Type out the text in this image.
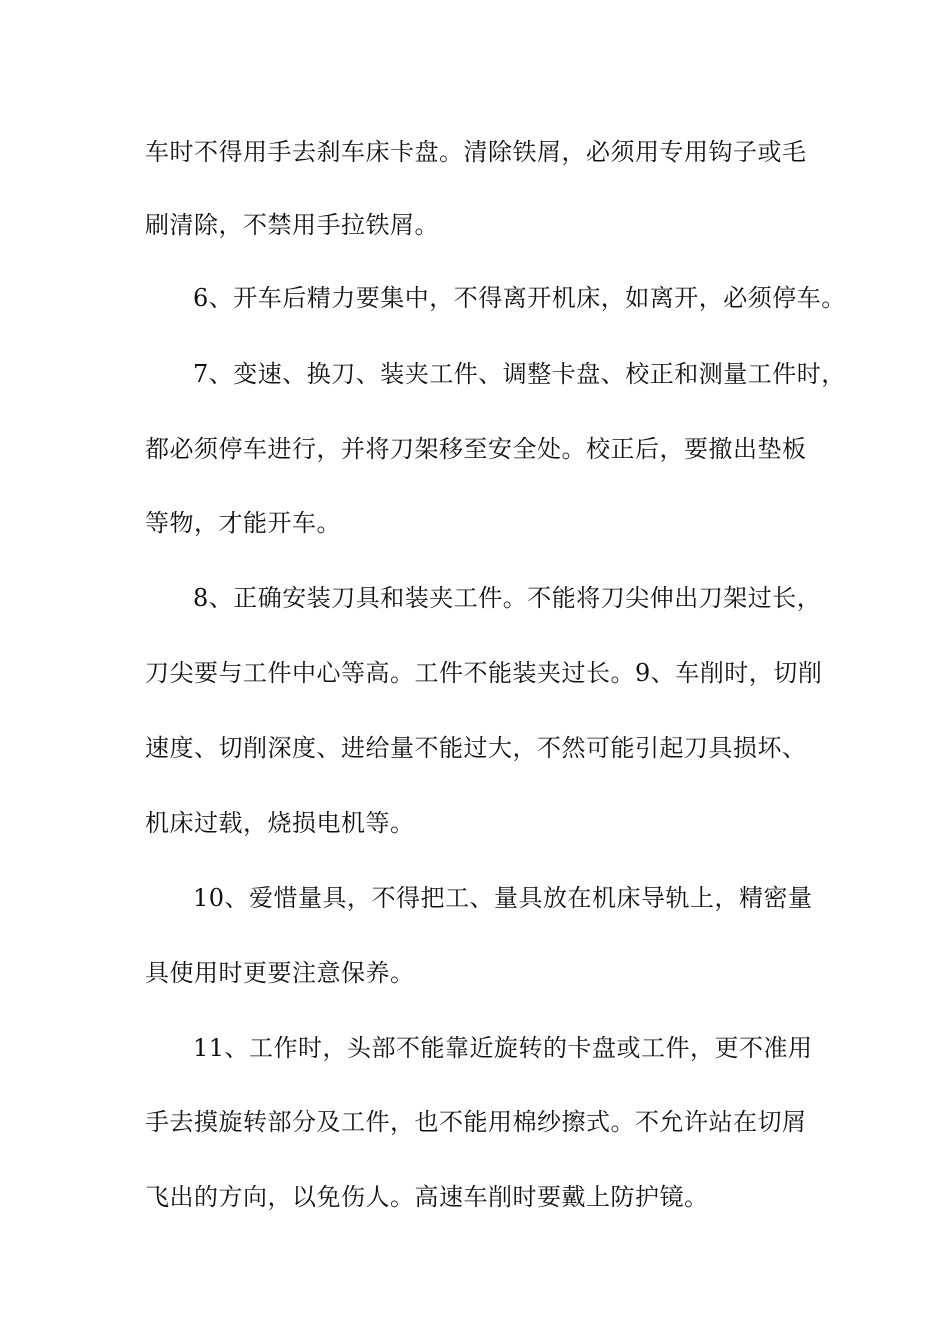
车时不得用手去刹车床卡盘。清除铁屑，必须用专用钩子或毛
刷清除，不禁用手拉铁屑。
6、开车后精力要集中，不得离开机床，如离开，必须停车。
7、变速、换刀、装夹工件、调整卡盘、校正和测量工件时，
都必须停车进行，并将刀架移至安全处。校正后，要撤出垫板
等物，才能开车。
8、正确安装刀具和装夹工件。不能将刀尖伸出刀架过长，
刀尖要与工件中心等高。工件不能装夹过长。9、车削时，切削
速度、切削深度、进给量不能过大，不然可能引起刀具损坏、
机床过载，烧损电机等。
10、爱惜量具，不得把工、量具放在机床导轨上，精密量
具使用时更要注意保养。
11、工作时，头部不能靠近旋转的卡盘或工件，更不准用
手去摸旋转部分及工件，也不能用棉纱擦式。不允许站在切屑
飞出的方向，以免伤人。高速车削时要戴上防护镜。
